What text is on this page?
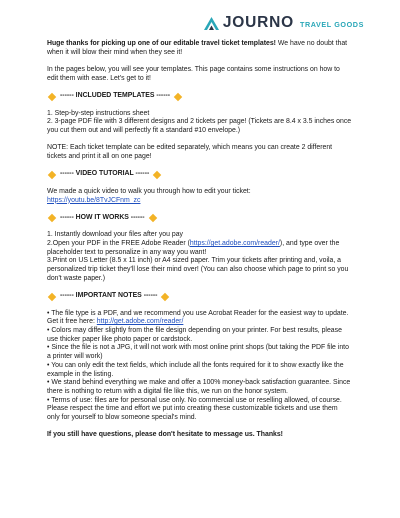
JOURNO TRAVEL GOODS

Huge thanks for picking up one of our editable travel ticket templates! We have no doubt that when it will blow their mind when they see it!

In the pages below, you will see your templates. This page contains some instructions on how to edit them with ease. Let's get to it!

------ INCLUDED TEMPLATES ------

1. Step-by-step instructions sheet

2. 3-page PDF file with 3 different designs and 2 tickets per page! (Tickets are 8.4 x 3.5 inches once you cut them out and will perfectly fit a standard #10 envelope.)

NOTE: Each ticket template can be edited separately, which means you can create 2 different tickets and print it all on one page!

------ VIDEO TUTORIAL ------

We made a quick video to walk you through how to edit your ticket:

https://youtu.be/8TvJCFnm_zc

------ HOW IT WORKS ------

1. Instantly download your files after you pay

2.Open your PDF in the FREE Adobe Reader (https://get.adobe.com/reader/), and type over the placeholder text to personalize in any way you want!

3.Print on US Letter (8.5 x 11 inch) or A4 sized paper. Trim your tickets after printing and, voila, a personalized trip ticket they'll lose their mind over! (You can also choose which page to print so you don't waste paper.)

------ IMPORTANT NOTES ------

• The file type is a PDF, and we recommend you use Acrobat Reader for the easiest way to update. Get it free here: http://get.adobe.com/reader/

• Colors may differ slightly from the file design depending on your printer. For best results, please use thicker paper like photo paper or cardstock.

• Since the file is not a JPG, it will not work with most online print shops (but taking the PDF file into a printer will work)

• You can only edit the text fields, which include all the fonts required for it to show exactly like the example in the listing.

• We stand behind everything we make and offer a 100% money-back satisfaction guarantee. Since there is nothing to return with a digital file like this, we run on the honor system.

• Terms of use: files are for personal use only. No commercial use or reselling allowed, of course. Please respect the time and effort we put into creating these customizable tickets and use them only for yourself to blow someone special's mind.

If you still have questions, please don't hesitate to message us. Thanks!
